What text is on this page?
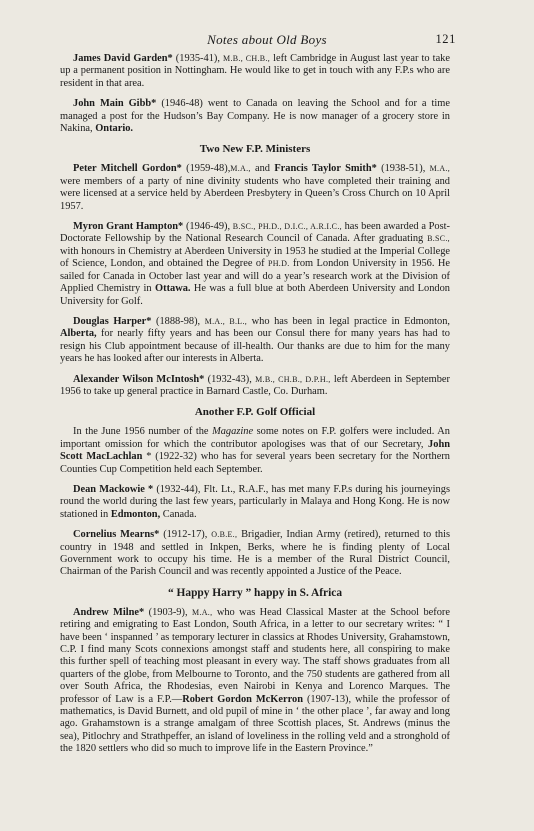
Notes about Old Boys	121

James David Garden* (1935-41), M.B., CH.B., left Cambridge in August last year to take up a permanent position in Nottingham. He would like to get in touch with any F.P.s who are resident in that area.

John Main Gibb* (1946-48) went to Canada on leaving the School and for a time managed a post for the Hudson’s Bay Company. He is now manager of a grocery store in Nakina, Ontario.

Two New F.P. Ministers

Peter Mitchell Gordon* (1959-48),M.A., and Francis Taylor Smith* (1938-51), M.A., were members of a party of nine divinity students who have completed their training and were licensed at a service held by Aberdeen Presbytery in Queen’s Cross Church on 10 April 1957.

Myron Grant Hampton* (1946-49), B.SC., PH.D., D.I.C., A.R.I.C., has been awarded a Post-Doctorate Fellowship by the National Research Council of Canada. After graduating B.SC., with honours in Chemistry at Aberdeen University in 1953 he studied at the Imperial College of Science, London, and obtained the Degree of PH.D. from London University in 1956. He sailed for Canada in October last year and will do a year’s research work at the Division of Applied Chemistry in Ottawa. He was a full blue at both Aberdeen University and London University for Golf.

Douglas Harper* (1888-98), M.A., B.L., who has been in legal practice in Edmonton, Alberta, for nearly fifty years and has been our Consul there for many years has had to resign his Club appointment because of ill-health. Our thanks are due to him for the many years he has looked after our interests in Alberta.

Alexander Wilson McIntosh* (1932-43), M.B., CH.B., D.P.H., left Aberdeen in September 1956 to take up general practice in Barnard Castle, Co. Durham.

Another F.P. Golf Official

In the June 1956 number of the Magazine some notes on F.P. golfers were included. An important omission for which the contributor apologises was that of our Secretary, John Scott MacLachlan * (1922-32) who has for several years been secretary for the Northern Counties Cup Competition held each September.

Dean Mackowie * (1932-44), Flt. Lt., R.A.F., has met many F.P.s during his journeyings round the world during the last few years, particularly in Malaya and Hong Kong. He is now stationed in Edmonton, Canada.

Cornelius Mearns* (1912-17), O.B.E., Brigadier, Indian Army (retired), returned to this country in 1948 and settled in Inkpen, Berks, where he is finding plenty of Local Government work to occupy his time. He is a member of the Rural District Council, Chairman of the Parish Council and was recently appointed a Justice of the Peace.

“ Happy Harry ” happy in S. Africa

Andrew Milne* (1903-9), M.A., who was Head Classical Master at the School before retiring and emigrating to East London, South Africa, in a letter to our secretary writes: “ I have been ‘ inspanned ’ as temporary lecturer in classics at Rhodes University, Grahamstown, C.P. I find many Scots connexions amongst staff and students here, all conspiring to make this further spell of teaching most pleasant in every way. The staff shows graduates from all quarters of the globe, from Melbourne to Toronto, and the 750 students are gathered from all over South Africa, the Rhodesias, even Nairobi in Kenya and Lorenco Marques. The professor of Law is a F.P.—Robert Gordon McKerron (1907-13), while the professor of mathematics, is David Burnett, and old pupil of mine in ‘ the other place ’, far away and long ago. Grahamstown is a strange amalgam of three Scottish places, St. Andrews (minus the sea), Pitlochry and Strathpeffer, an island of loveliness in the rolling veld and a stronghold of the 1820 settlers who did so much to improve life in the Eastern Province.”
